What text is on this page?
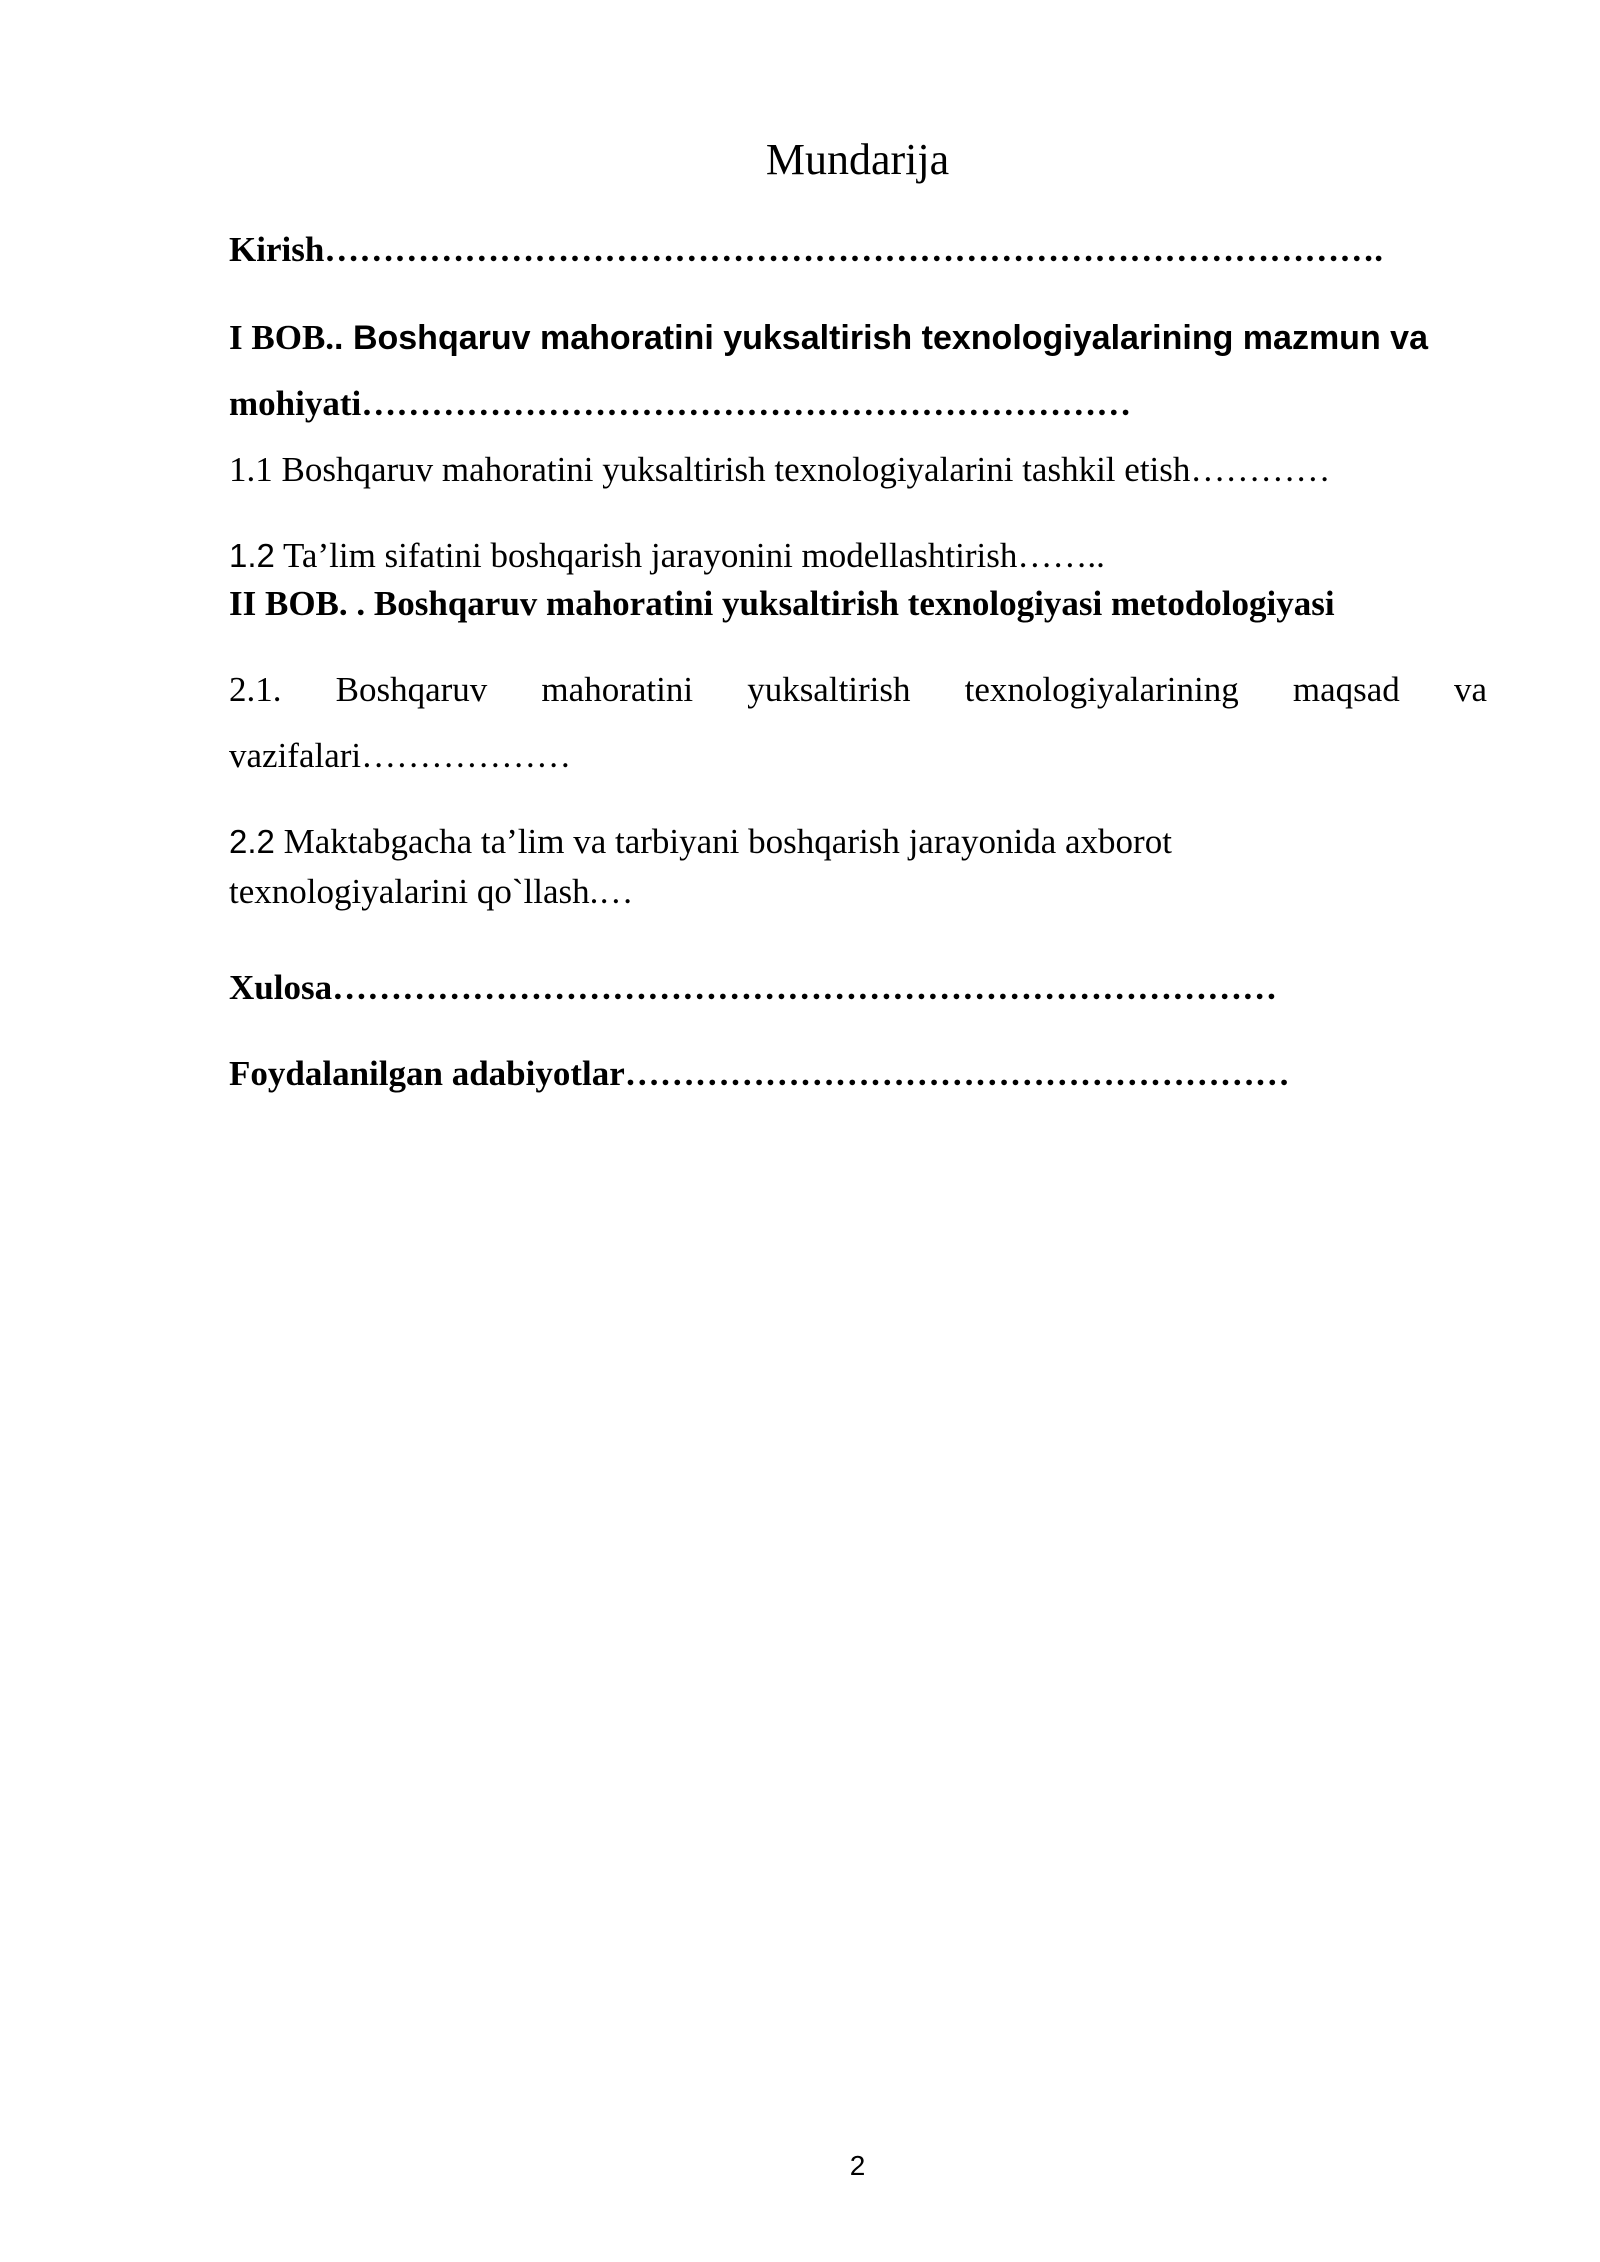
Mundarija
Kirish……………………………………………………………………………….
I BOB.. Boshqaruv mahoratini yuksaltirish texnologiyalarining mazmun va
mohiyati…………………………………………………………
1.1 Boshqaruv mahoratini yuksaltirish texnologiyalarini tashkil etish…………
1.2 Ta’lim sifatini boshqarish jarayonini modellashtirish……..
II BOB. . Boshqaruv mahoratini yuksaltirish texnologiyasi metodologiyasi
2.1. Boshqaruv mahoratini yuksaltirish texnologiyalarining maqsad va
vazifalari………………
2.2 Maktabgacha ta’lim va tarbiyani boshqarish jarayonida axborot
texnologiyalarini qo`llash.…
Xulosa………………………………………………………………………
Foydalanilgan adabiyotlar…………………………………………………
2
